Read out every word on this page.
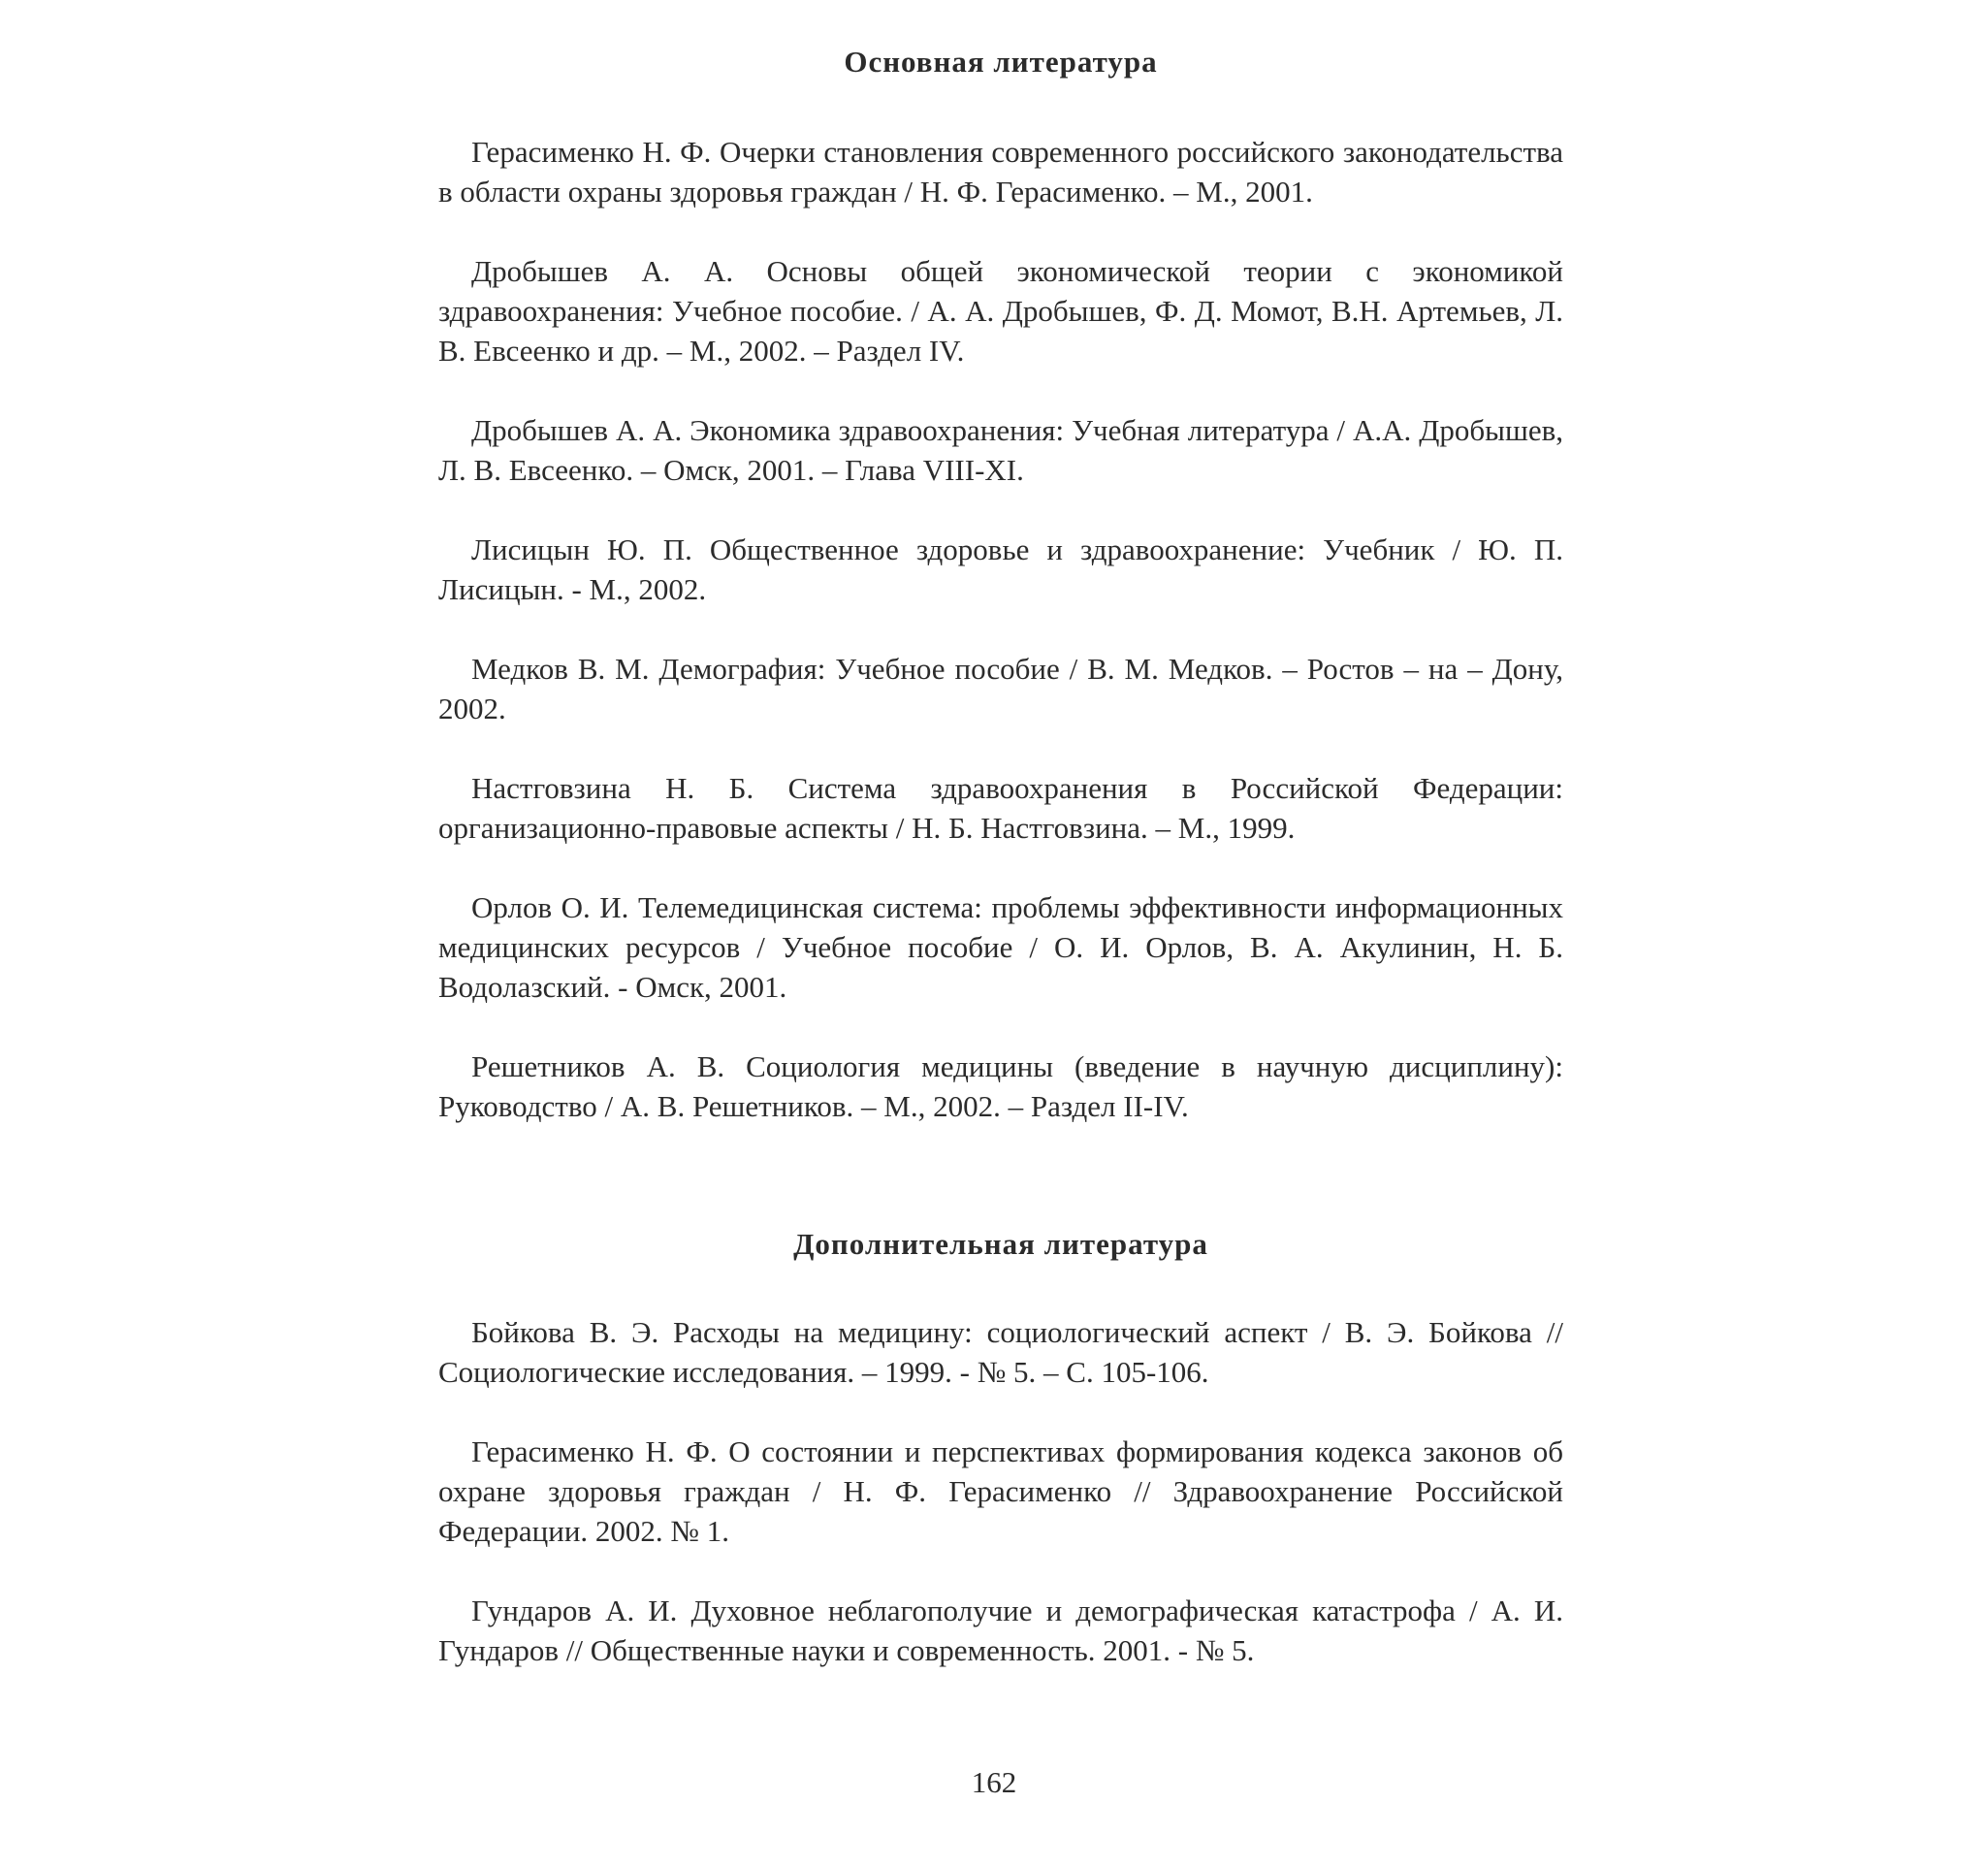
Основная литература

Герасименко Н. Ф. Очерки становления современного российского законодательства в области охраны здоровья граждан / Н. Ф. Герасименко. – М., 2001.

Дробышев А. А. Основы общей экономической теории с экономикой здравоохранения: Учебное пособие. / А. А. Дробышев, Ф. Д. Момот, В.Н. Артемьев, Л. В. Евсеенко и др. – М., 2002. – Раздел IV.

Дробышев А. А. Экономика здравоохранения: Учебная литература / А.А. Дробышев, Л. В. Евсеенко. – Омск, 2001. – Глава VIII-XI.

Лисицын Ю. П. Общественное здоровье и здравоохранение: Учебник / Ю. П. Лисицын. - М., 2002.

Медков В. М. Демография: Учебное пособие / В. М. Медков. – Ростов – на – Дону, 2002.

Настговзина Н. Б. Система здравоохранения в Российской Федерации: организационно-правовые аспекты / Н. Б. Настговзина. – М., 1999.

Орлов О. И. Телемедицинская система: проблемы эффективности информационных медицинских ресурсов / Учебное пособие / О. И. Орлов, В. А. Акулинин, Н. Б. Водолазский. - Омск, 2001.

Решетников А. В. Социология медицины (введение в научную дисциплину): Руководство / А. В. Решетников. – М., 2002. – Раздел II-IV.

Дополнительная литература

Бойкова В. Э. Расходы на медицину: социологический аспект / В. Э. Бойкова // Социологические исследования. – 1999. - № 5. – С. 105-106.

Герасименко Н. Ф. О состоянии и перспективах формирования кодекса законов об охране здоровья граждан / Н. Ф. Герасименко // Здравоохранение Российской Федерации. 2002. № 1.

Гундаров А. И. Духовное неблагополучие и демографическая катастрофа / А. И. Гундаров // Общественные науки и современность. 2001. - № 5.

162
